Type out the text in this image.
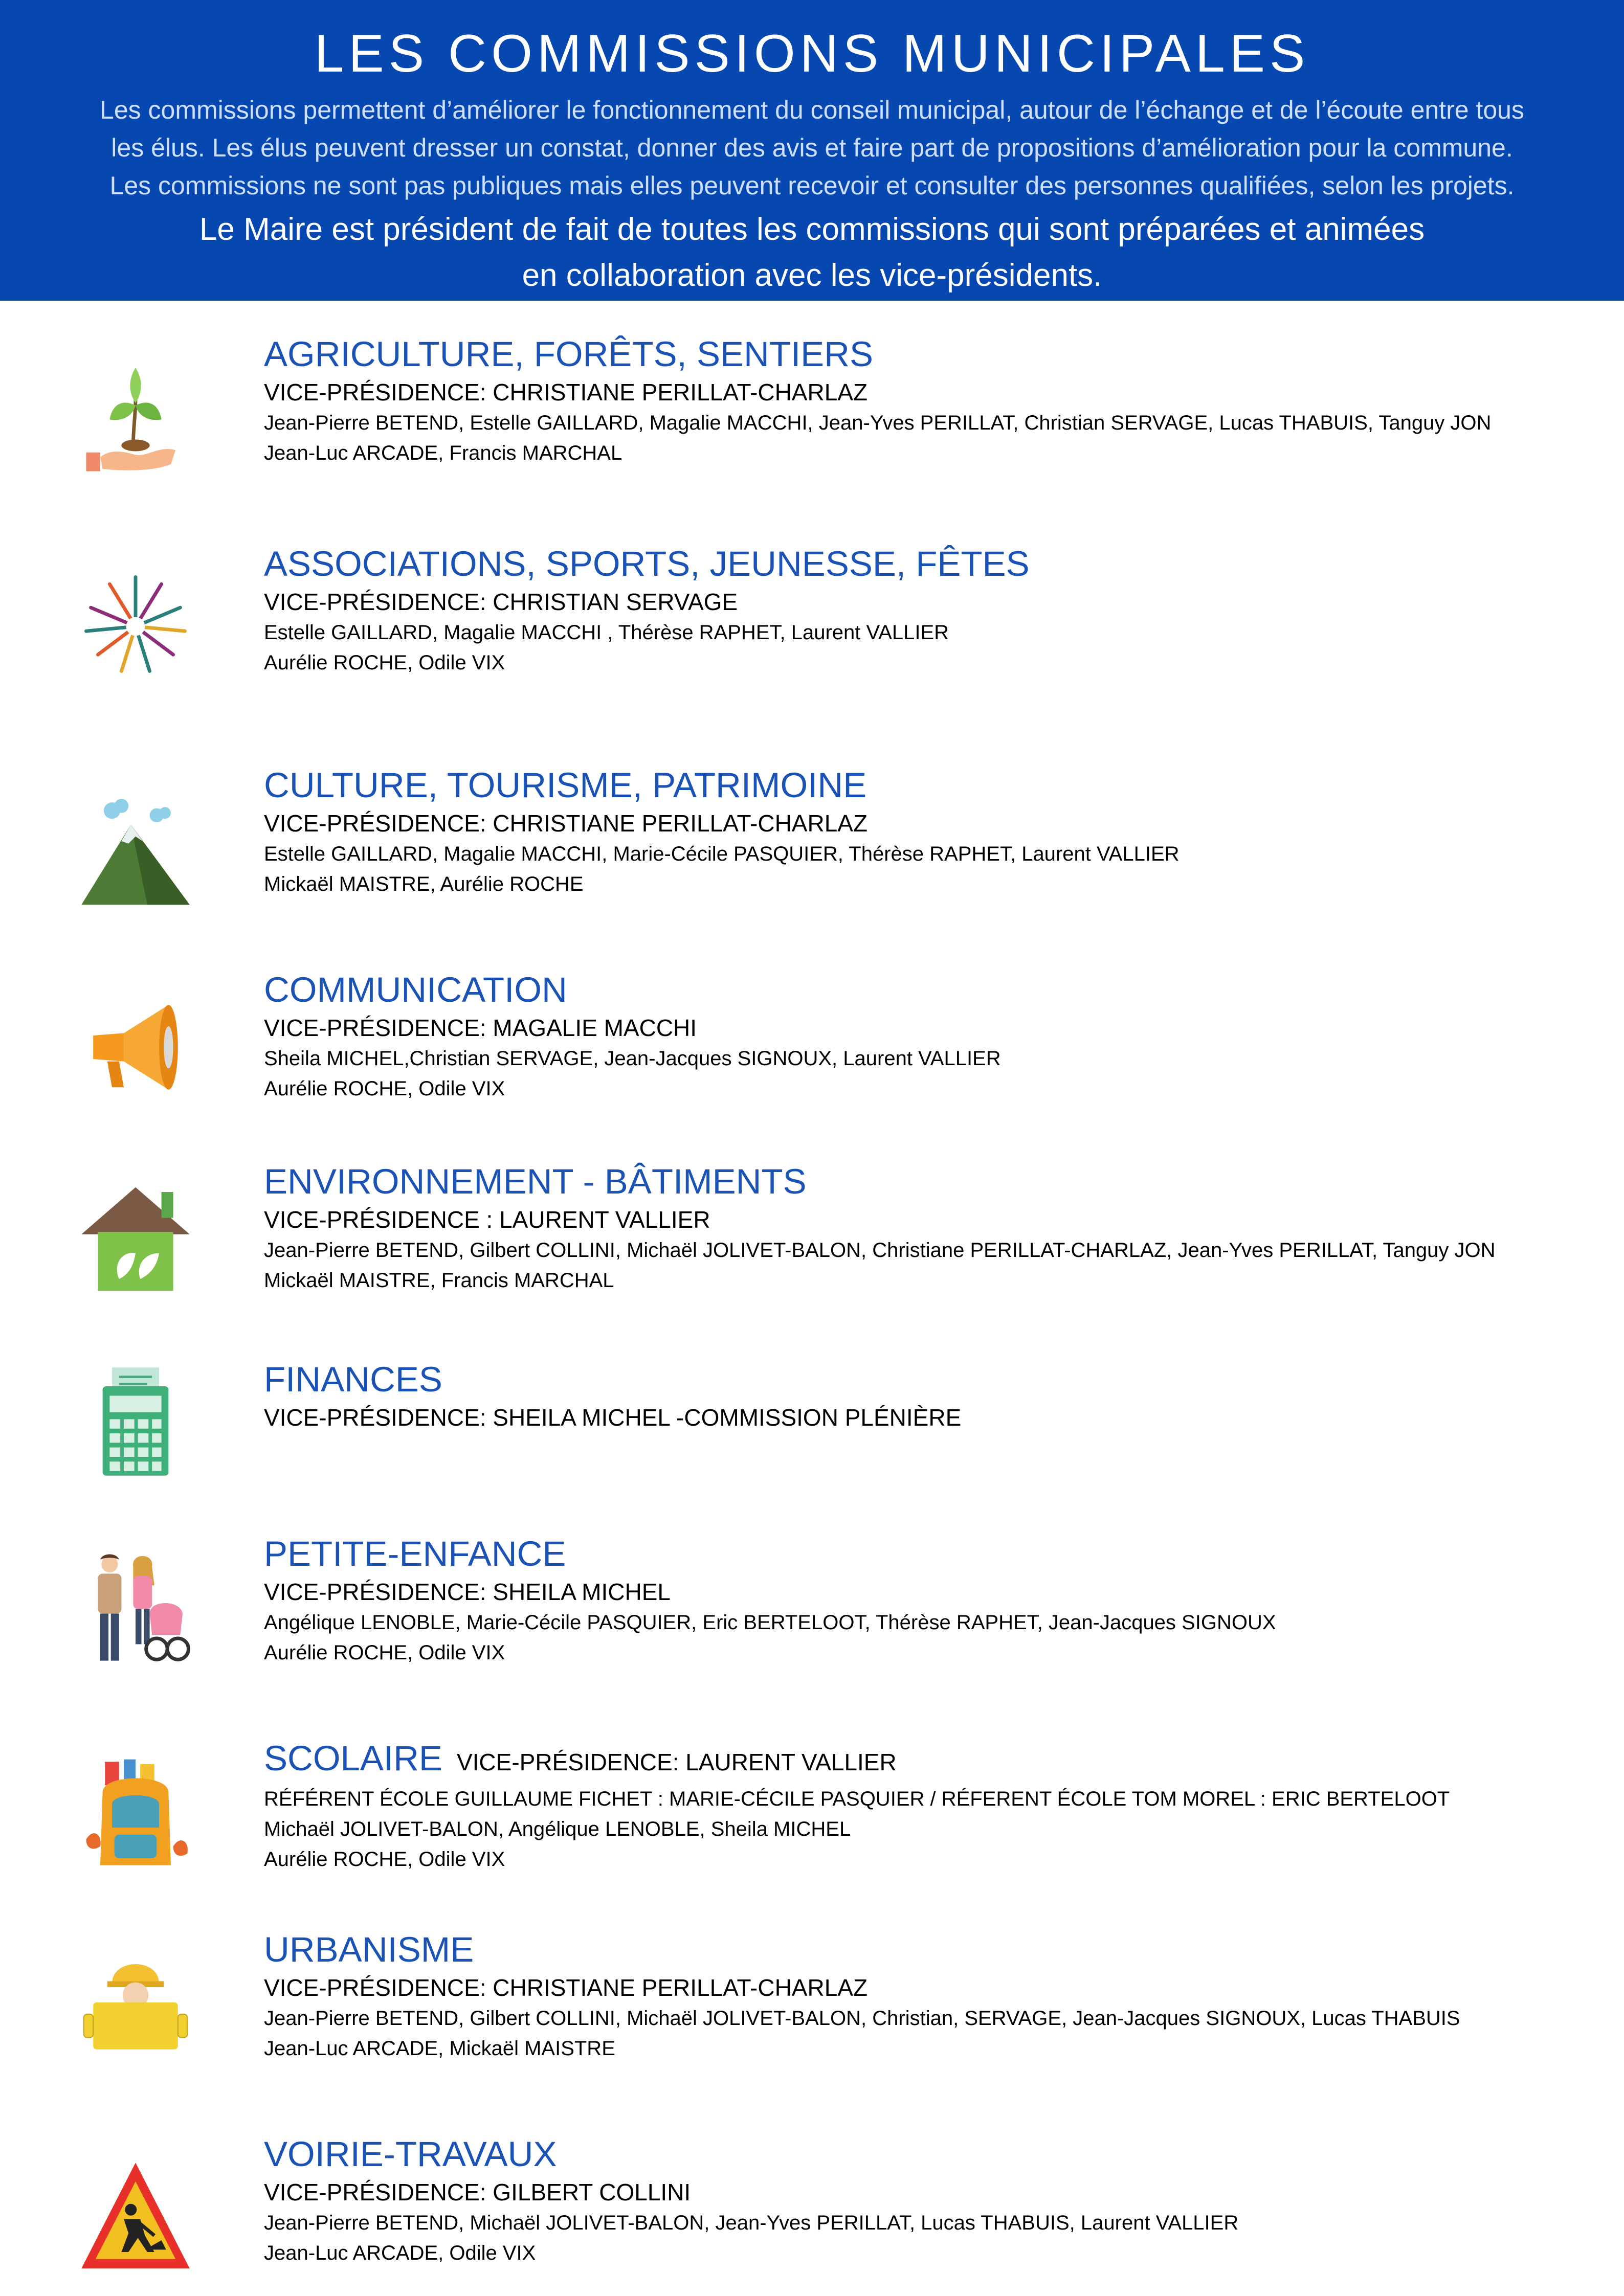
LES COMMISSIONS MUNICIPALES
Les commissions permettent d’améliorer le fonctionnement du conseil municipal, autour de l’échange et de l’écoute entre tous
les élus. Les élus peuvent dresser un constat, donner des avis et faire part de propositions d’amélioration pour la commune.
Les commissions ne sont pas publiques mais elles peuvent recevoir et consulter des personnes qualifiées, selon les projets.
Le Maire est président de fait de toutes les commissions qui sont préparées et animées
en collaboration avec les vice-présidents.
AGRICULTURE, FORÊTS, SENTIERS
VICE-PRÉSIDENCE: CHRISTIANE PERILLAT-CHARLAZ
Jean-Pierre BETEND, Estelle GAILLARD, Magalie MACCHI, Jean-Yves PERILLAT, Christian SERVAGE, Lucas THABUIS, Tanguy JON
Jean-Luc ARCADE, Francis MARCHAL
ASSOCIATIONS, SPORTS, JEUNESSE, FÊTES
VICE-PRÉSIDENCE: CHRISTIAN SERVAGE
Estelle GAILLARD, Magalie MACCHI , Thérèse RAPHET, Laurent VALLIER
Aurélie ROCHE, Odile VIX
CULTURE, TOURISME, PATRIMOINE
VICE-PRÉSIDENCE: CHRISTIANE PERILLAT-CHARLAZ
Estelle GAILLARD, Magalie MACCHI, Marie-Cécile PASQUIER, Thérèse RAPHET, Laurent VALLIER
Mickaël MAISTRE, Aurélie ROCHE
COMMUNICATION
VICE-PRÉSIDENCE: MAGALIE MACCHI
Sheila MICHEL,Christian SERVAGE, Jean-Jacques SIGNOUX, Laurent VALLIER
Aurélie ROCHE, Odile VIX
ENVIRONNEMENT - BÂTIMENTS
VICE-PRÉSIDENCE : LAURENT VALLIER
Jean-Pierre BETEND, Gilbert COLLINI, Michaël JOLIVET-BALON, Christiane PERILLAT-CHARLAZ, Jean-Yves PERILLAT, Tanguy JON
Mickaël MAISTRE, Francis MARCHAL
FINANCES
VICE-PRÉSIDENCE: SHEILA MICHEL -COMMISSION PLÉNIÈRE
PETITE-ENFANCE
VICE-PRÉSIDENCE: SHEILA MICHEL
Angélique LENOBLE, Marie-Cécile PASQUIER, Eric BERTELOOT, Thérèse RAPHET, Jean-Jacques SIGNOUX
Aurélie ROCHE, Odile VIX
SCOLAIRE VICE-PRÉSIDENCE: LAURENT VALLIER
RÉFÉRENT ÉCOLE GUILLAUME FICHET : MARIE-CÉCILE PASQUIER / RÉFERENT ÉCOLE TOM MOREL : ERIC BERTELOOT
Michaël JOLIVET-BALON, Angélique LENOBLE, Sheila MICHEL
Aurélie ROCHE, Odile VIX
URBANISME
VICE-PRÉSIDENCE: CHRISTIANE PERILLAT-CHARLAZ
Jean-Pierre BETEND, Gilbert COLLINI, Michaël JOLIVET-BALON, Christian, SERVAGE, Jean-Jacques SIGNOUX, Lucas THABUIS
Jean-Luc ARCADE, Mickaël MAISTRE
VOIRIE-TRAVAUX
VICE-PRÉSIDENCE: GILBERT COLLINI
Jean-Pierre BETEND, Michaël JOLIVET-BALON, Jean-Yves PERILLAT, Lucas THABUIS, Laurent VALLIER
Jean-Luc ARCADE, Odile VIX
